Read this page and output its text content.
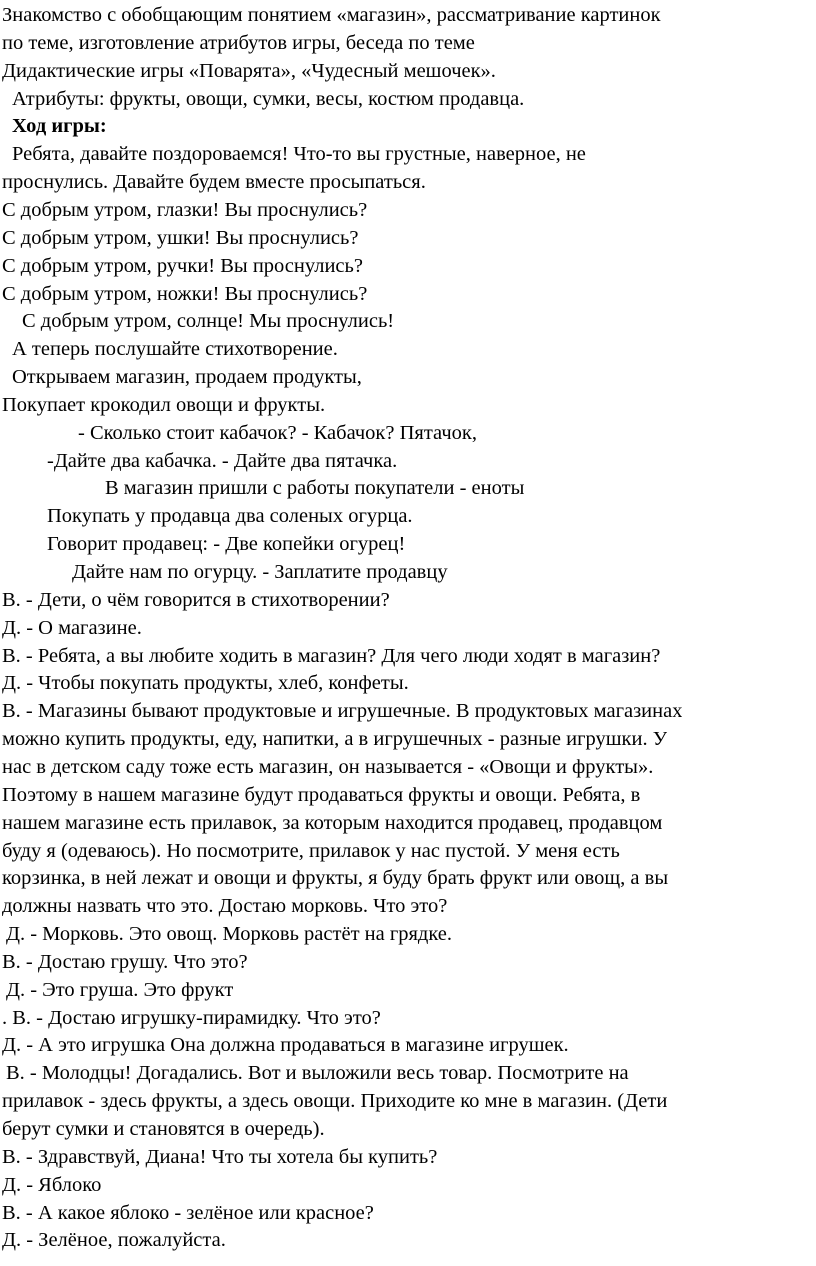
Знакомство с обобщающим понятием «магазин», рассматривание картинок
по теме, изготовление атрибутов игры, беседа по теме
Дидактические игры «Поварята», «Чудесный мешочек».
Атрибуты: фрукты, овощи, сумки, весы, костюм продавца.
Ход игры:
Ребята, давайте поздороваемся! Что-то вы грустные, наверное, не
проснулись. Давайте будем вместе просыпаться.
С добрым утром, глазки! Вы проснулись?
С добрым утром, ушки! Вы проснулись?
С добрым утром, ручки! Вы проснулись?
С добрым утром, ножки! Вы проснулись?
С добрым утром, солнце! Мы проснулись!
А теперь послушайте стихотворение.
Открываем магазин, продаем продукты,
Покупает крокодил овощи и фрукты.
- Сколько стоит кабачок? - Кабачок? Пятачок,
-Дайте два кабачка. - Дайте два пятачка.
В магазин пришли с работы покупатели - еноты
Покупать у продавца два соленых огурца.
Говорит продавец: - Две копейки огурец!
Дайте нам по огурцу. - Заплатите продавцу
В. - Дети, о чём говорится в стихотворении?
Д. - О магазине.
В. - Ребята, а вы любите ходить в магазин? Для чего люди ходят в магазин?
Д. - Чтобы покупать продукты, хлеб, конфеты.
В. - Магазины бывают продуктовые и игрушечные. В продуктовых магазинах
можно купить продукты, еду, напитки, а в игрушечных - разные игрушки. У
нас в детском саду тоже есть магазин, он называется - «Овощи и фрукты».
Поэтому в нашем магазине будут продаваться фрукты и овощи. Ребята, в
нашем магазине есть прилавок, за которым находится продавец, продавцом
буду я (одеваюсь). Но посмотрите, прилавок у нас пустой. У меня есть
корзинка, в ней лежат и овощи и фрукты, я буду брать фрукт или овощ, а вы
должны назвать что это. Достаю морковь. Что это?
Д. - Морковь. Это овощ. Морковь растёт на грядке.
В. - Достаю грушу. Что это?
Д. - Это груша. Это фрукт
. В. - Достаю игрушку-пирамидку. Что это?
Д. - А это игрушка Она должна продаваться в магазине игрушек.
В. - Молодцы! Догадались. Вот и выложили весь товар. Посмотрите на
прилавок - здесь фрукты, а здесь овощи. Приходите ко мне в магазин. (Дети
берут сумки и становятся в очередь).
В. - Здравствуй, Диана! Что ты хотела бы купить?
Д. - Яблоко
В. - А какое яблоко - зелёное или красное?
Д. - Зелёное, пожалуйста.
